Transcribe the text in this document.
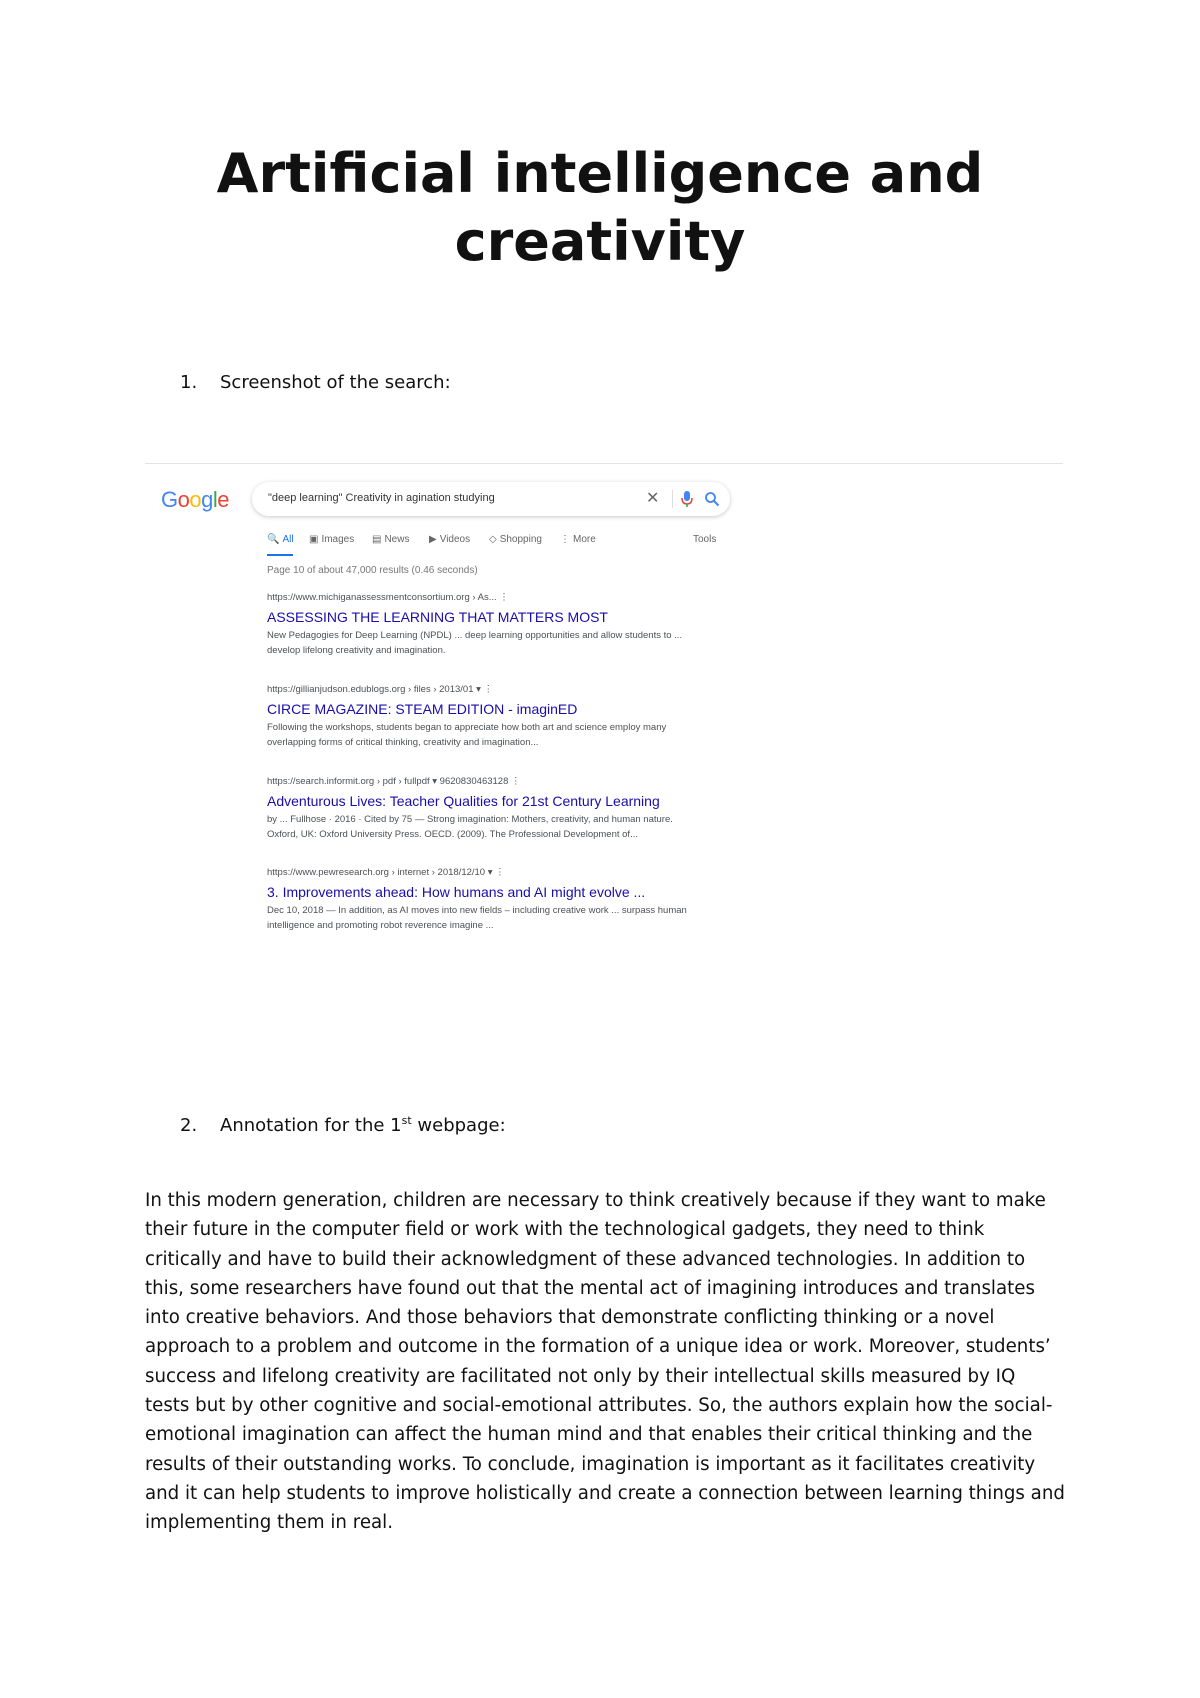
Artificial intelligence and
creativity
1. Screenshot of the search:
Google	"deep learning" Creativity in agination studying	✕
🔍 All ▣ Images ▤ News ▶ Videos ◇ Shopping ⋮ More	Tools
Page 10 of about 47,000 results (0.46 seconds)
https://www.michiganassessmentconsortium.org › As... ⋮
ASSESSING THE LEARNING THAT MATTERS MOST
New Pedagogies for Deep Learning (NPDL) ... deep learning opportunities and allow students to ... develop lifelong creativity and imagination.
https://gillianjudson.edublogs.org › files › 2013/01 ▾ ⋮
CIRCE MAGAZINE: STEAM EDITION - imaginED
Following the workshops, students began to appreciate how both art and science employ many overlapping forms of critical thinking, creativity and imagination...
https://search.informit.org › pdf › fullpdf ▾ 9620830463128 ⋮
Adventurous Lives: Teacher Qualities for 21st Century Learning
by ... Fullhose · 2016 · Cited by 75 — Strong imagination: Mothers, creativity, and human nature. Oxford, UK: Oxford University Press. OECD. (2009). The Professional Development of...
https://www.pewresearch.org › internet › 2018/12/10 ▾ ⋮
3. Improvements ahead: How humans and AI might evolve ...
Dec 10, 2018 — In addition, as AI moves into new fields – including creative work ... surpass human intelligence and promoting robot reverence imagine ...
2. Annotation for the 1st webpage:

In this modern generation, children are necessary to think creatively because if they want to make their future in the computer field or work with the technological gadgets, they need to think critically and have to build their acknowledgment of these advanced technologies. In addition to this, some researchers have found out that the mental act of imagining introduces and translates into creative behaviors. And those behaviors that demonstrate conflicting thinking or a novel approach to a problem and outcome in the formation of a unique idea or work. Moreover, students’ success and lifelong creativity are facilitated not only by their intellectual skills measured by IQ tests but by other cognitive and social-emotional attributes. So, the authors explain how the social-emotional imagination can affect the human mind and that enables their critical thinking and the results of their outstanding works. To conclude, imagination is important as it facilitates creativity and it can help students to improve holistically and create a connection between learning things and implementing them in real.
